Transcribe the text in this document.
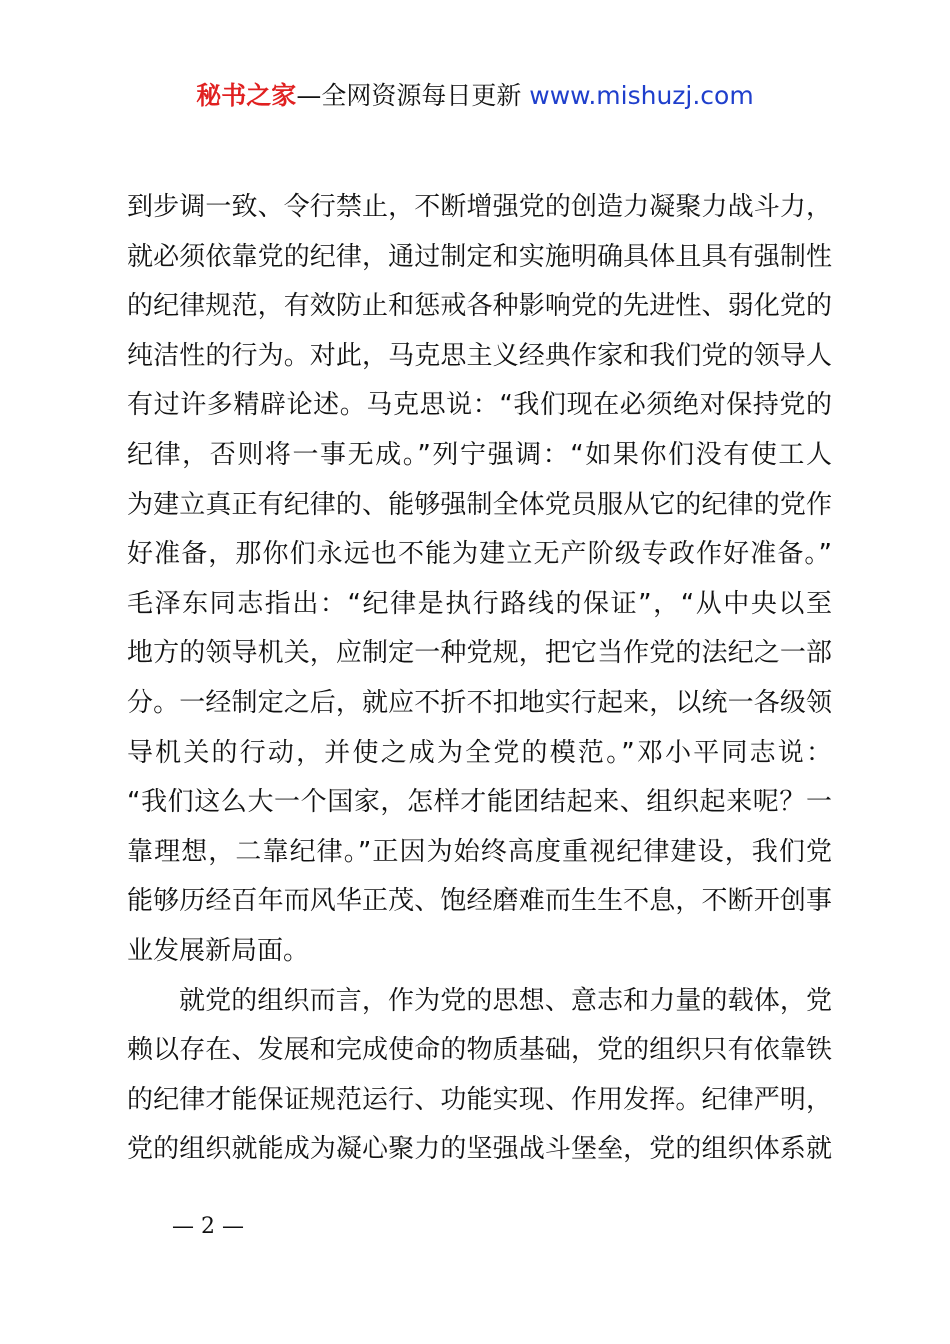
秘书之家—全网资源每日更新 www.mishuzj.com
到步调一致、令行禁止，不断增强党的创造力凝聚力战斗力，
就必须依靠党的纪律，通过制定和实施明确具体且具有强制性
的纪律规范，有效防止和惩戒各种影响党的先进性、弱化党的
纯洁性的行为。对此，马克思主义经典作家和我们党的领导人
有过许多精辟论述。马克思说：“我们现在必须绝对保持党的
纪律，否则将一事无成。”列宁强调：“如果你们没有使工人
为建立真正有纪律的、能够强制全体党员服从它的纪律的党作
好准备，那你们永远也不能为建立无产阶级专政作好准备。”
毛泽东同志指出：“纪律是执行路线的保证”，“从中央以至
地方的领导机关，应制定一种党规，把它当作党的法纪之一部
分。一经制定之后，就应不折不扣地实行起来，以统一各级领
导机关的行动，并使之成为全党的模范。”邓小平同志说：
“我们这么大一个国家，怎样才能团结起来、组织起来呢？一
靠理想，二靠纪律。”正因为始终高度重视纪律建设，我们党
能够历经百年而风华正茂、饱经磨难而生生不息，不断开创事
业发展新局面。
就党的组织而言，作为党的思想、意志和力量的载体，党
赖以存在、发展和完成使命的物质基础，党的组织只有依靠铁
的纪律才能保证规范运行、功能实现、作用发挥。纪律严明，
党的组织就能成为凝心聚力的坚强战斗堡垒，党的组织体系就
— 2 —
